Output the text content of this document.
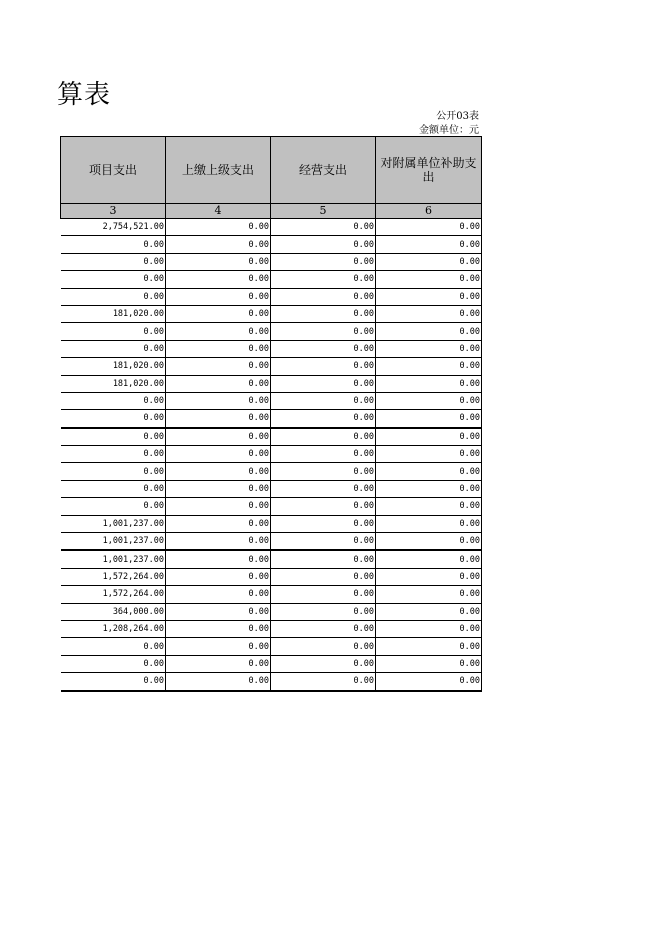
算表
公开03表
金额单位：元
项目支出	上缴上级支出	经营支出	对附属单位补助支出
3	4	5	6
2,754,521.00	0.00	0.00	0.00
0.00	0.00	0.00	0.00
0.00	0.00	0.00	0.00
0.00	0.00	0.00	0.00
0.00	0.00	0.00	0.00
181,020.00	0.00	0.00	0.00
0.00	0.00	0.00	0.00
0.00	0.00	0.00	0.00
181,020.00	0.00	0.00	0.00
181,020.00	0.00	0.00	0.00
0.00	0.00	0.00	0.00
0.00	0.00	0.00	0.00
0.00	0.00	0.00	0.00
0.00	0.00	0.00	0.00
0.00	0.00	0.00	0.00
0.00	0.00	0.00	0.00
0.00	0.00	0.00	0.00
1,001,237.00	0.00	0.00	0.00
1,001,237.00	0.00	0.00	0.00
1,001,237.00	0.00	0.00	0.00
1,572,264.00	0.00	0.00	0.00
1,572,264.00	0.00	0.00	0.00
364,000.00	0.00	0.00	0.00
1,208,264.00	0.00	0.00	0.00
0.00	0.00	0.00	0.00
0.00	0.00	0.00	0.00
0.00	0.00	0.00	0.00
